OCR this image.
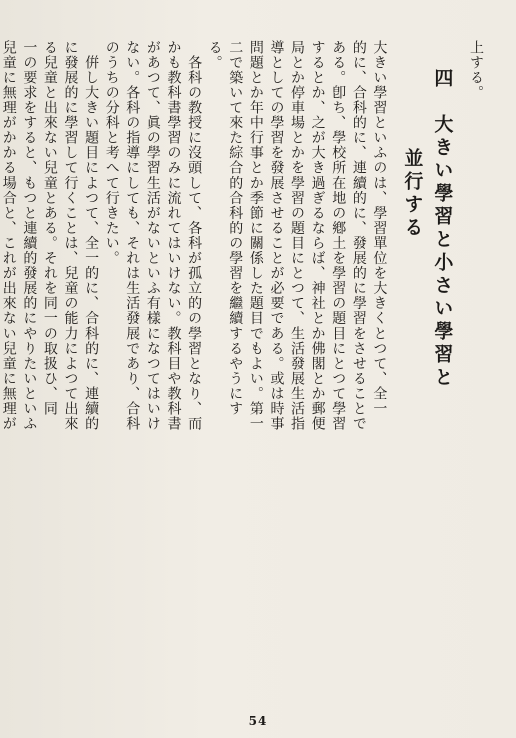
上する。
四　大きい學習と小さい學習と
並行する
大きい學習といふのは、學習單位を大きくとつて、全一
的に、合科的に、連續的に、發展的に學習をさせることで
ある。卽ち、學校所在地の鄕土を學習の題目にとつて學習
するとか、之が大き過ぎるならば、神社とか佛閣とか郵便
局とか停車場とかを學習の題目にとつて、生活發展生活指
導としての學習を發展させることが必要である。或は時事
問題とか年中行事とか季節に關係した題目でもよい。第一
二で築いて來た綜合的合科的の學習を繼續するやうにす
る。
　各科の教授に沒頭して、各科が孤立的の學習となり、而
かも教科書學習のみに流れてはいけない。教科目や教科書
があつて、眞の學習生活がないといふ有樣になつてはいけ
ない。各科の指導にしても、それは生活發展であり、合科
のうちの分科と考へて行きたい。
　倂し大きい題目によつて、全一的に、合科的に、連續的
に發展的に學習して行くことは、兒童の能力によつて出來
る兒童と出來ない兒童とある。それを同一の取扱ひ、同
一の要求をすると、もつと連續的發展的にやりたいといふ
兒童に無理がかかる場合と、これが出來ない兒童に無理が
54
